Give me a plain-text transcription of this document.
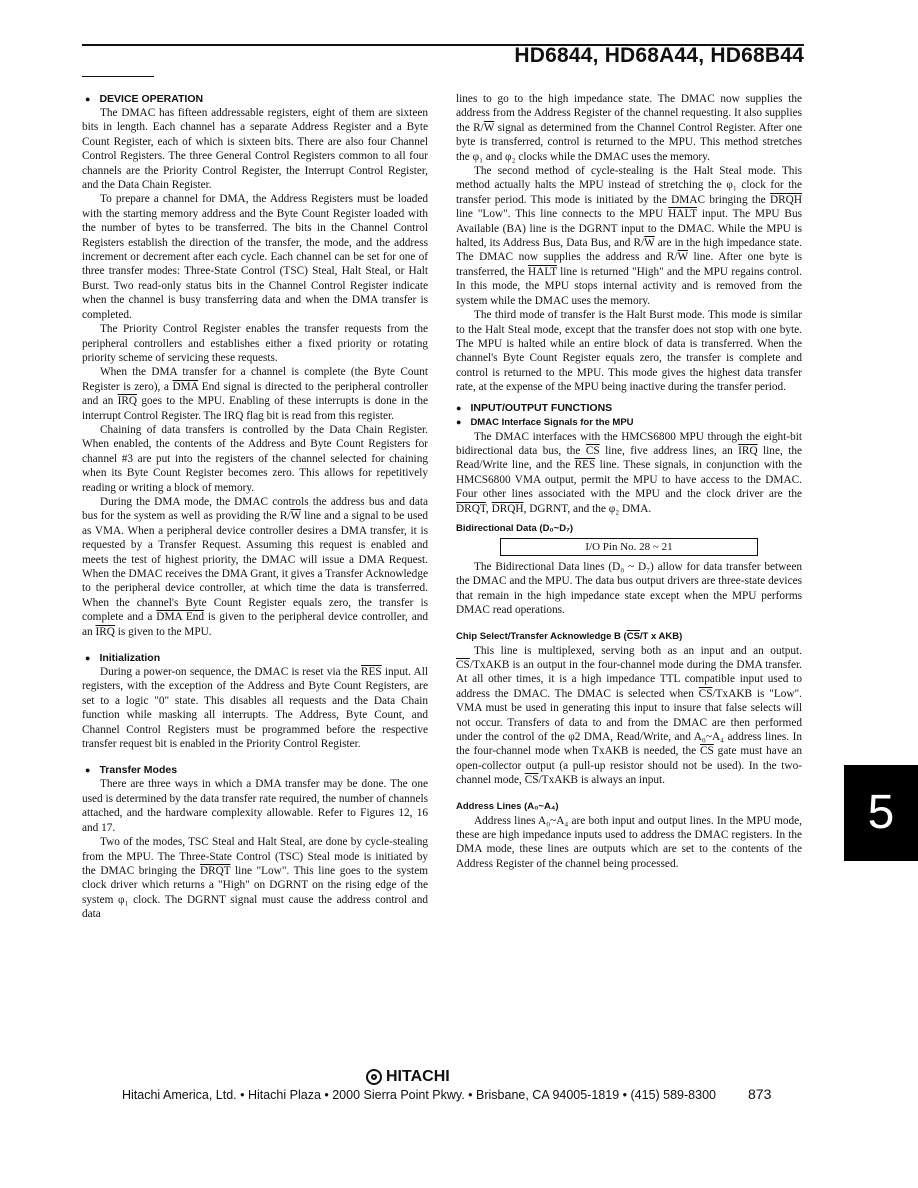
HD6844, HD68A44, HD68B44
● DEVICE OPERATION

The DMAC has fifteen addressable registers, eight of them are sixteen bits in length. Each channel has a separate Address Register and a Byte Count Register, each of which is sixteen bits. There are also four Channel Control Registers. The three General Control Registers common to all four channels are the Priority Control Register, the Interrupt Control Register, and the Data Chain Register.

To prepare a channel for DMA, the Address Registers must be loaded with the starting memory address and the Byte Count Register loaded with the number of bytes to be transferred. The bits in the Channel Control Registers establish the direction of the transfer, the mode, and the address increment or decrement after each cycle. Each channel can be set for one of three transfer modes: Three-State Control (TSC) Steal, Halt Steal, or Halt Burst. Two read-only status bits in the Channel Control Register indicate when the channel is busy transferring data and when the DMA transfer is completed.

The Priority Control Register enables the transfer requests from the peripheral controllers and establishes either a fixed priority or rotating priority scheme of servicing these requests.

When the DMA transfer for a channel is complete (the Byte Count Register is zero), a $\overline{DMA}$ End signal is directed to the peripheral controller and an $\overline{IRQ}$ goes to the MPU. Enabling of these interrupts is done in the interrupt Control Register. The IRQ flag bit is read from this register.

Chaining of data transfers is controlled by the Data Chain Register. When enabled, the contents of the Address and Byte Count Registers for channel #3 are put into the registers of the channel selected for chaining when its Byte Count Register becomes zero. This allows for repetitively reading or writing a block of memory.

During the DMA mode, the DMAC controls the address bus and data bus for the system as well as providing the $R/\overline{W}$ line and a signal to be used as VMA. When a peripheral device controller desires a DMA transfer, it is requested by a Transfer Request. Assuming this request is enabled and meets the test of highest priority, the DMAC will issue a DMA Request. When the DMAC receives the DMA Grant, it gives a Transfer Acknowledge to the peripheral device controller, at which time the data is transferred. When the channel's Byte Count Register equals zero, the transfer is complete and a DMA End is given to the peripheral device controller, and an $\overline{IRQ}$ is given to the MPU.

● Initialization

During a power-on sequence, the DMAC is reset via the $\overline{RES}$ input. All registers, with the exception of the Address and Byte Count Registers, are set to a logic "0" state. This disables all requests and the Data Chain function while masking all interrupts. The Address, Byte Count, and Channel Control Registers must be programmed before the respective transfer request bit is enabled in the Priority Control Register.

● Transfer Modes

There are three ways in which a DMA transfer may be done. The one used is determined by the data transfer rate required, the number of channels attached, and the hardware complexity allowable. Refer to Figures 12, 16 and 17.

Two of the modes, TSC Steal and Halt Steal, are done by cycle-stealing from the MPU. The Three-State Control (TSC) Steal mode is initiated by the DMAC bringing the DRQT line "Low". This line goes to the system clock driver which returns a "High" on DGRNT on the rising edge of the system φ₁ clock. The DGRNT signal must cause the address control and data

lines to go to the high impedance state. The DMAC now supplies the address from the Address Register of the channel requesting. It also supplies the $R/\overline{W}$ signal as determined from the Channel Control Register. After one byte is transferred, control is returned to the MPU. This method stretches the φ₁ and φ₂ clocks while the DMAC uses the memory.

The second method of cycle-stealing is the Halt Steal mode. This method actually halts the MPU instead of stretching the φ₁ clock for the transfer period. This mode is initiated by the DMAC bringing the DRQH line "Low". This line connects to the MPU HALT input. The MPU Bus Available (BA) line is the DGRNT input to the DMAC. While the MPU is halted, its Address Bus, Data Bus, and $R/\overline{W}$ are in the high impedance state. The DMAC now supplies the address and $R/\overline{W}$ line. After one byte is transferred, the HALT line is returned "High" and the MPU regains control. In this mode, the MPU stops internal activity and is removed from the system while the DMAC uses the memory.

The third mode of transfer is the Halt Burst mode. This mode is similar to the Halt Steal mode, except that the transfer does not stop with one byte. The MPU is halted while an entire block of data is transferred. When the channel's Byte Count Register equals zero, the transfer is complete and control is returned to the MPU. This mode gives the highest data transfer rate, at the expense of the MPU being inactive during the transfer period.

● INPUT/OUTPUT FUNCTIONS
● DMAC Interface Signals for the MPU

The DMAC interfaces with the HMCS6800 MPU through the eight-bit bidirectional data bus, the $\overline{CS}$ line, five address lines, an $\overline{IRQ}$ line, the Read/Write line, and the $\overline{RES}$ line. These signals, in conjunction with the HMCS6800 VMA output, permit the MPU to have access to the DMAC. Four other lines associated with the MPU and the clock driver are the DRQT, DRQH, DGRNT, and the φ₂ DMA.

Bidirectional Data (D₀~D₇)
I/O Pin No. 28 ~ 21

The Bidirectional Data lines (D₀ ~ D₇) allow for data transfer between the DMAC and the MPU. The data bus output drivers are three-state devices that remain in the high impedance state except when the MPU performs DMAC read operations.

Chip Select/Transfer Acknowledge B ($\overline{CS}/T$ x AKB)

This line is multiplexed, serving both as an input and an output. $\overline{CS}$/TxAKB is an output in the four-channel mode during the DMA transfer. At all other times, it is a high impedance TTL compatible input used to address the DMAC. The DMAC is selected when $\overline{CS}$/TxAKB is "Low". VMA must be used in generating this input to insure that false selects will not occur. Transfers of data to and from the DMAC are then performed under the control of the φ2 DMA, Read/Write, and A₀~A₄ address lines. In the four-channel mode when TxAKB is needed, the $\overline{CS}$ gate must have an open-collector output (a pull-up resistor should not be used). In the two-channel mode, $\overline{CS}$/TxAKB is always an input.

Address Lines (A₀~A₄)

Address lines A₀~A₄ are both input and output lines. In the MPU mode, these are high impedance inputs used to address the DMAC registers. In the DMA mode, these lines are outputs which are set to the contents of the Address Register of the channel being processed.

5
HITACHI
Hitachi America, Ltd. • Hitachi Plaza • 2000 Sierra Point Pkwy. • Brisbane, CA 94005-1819 • (415) 589-8300 873
